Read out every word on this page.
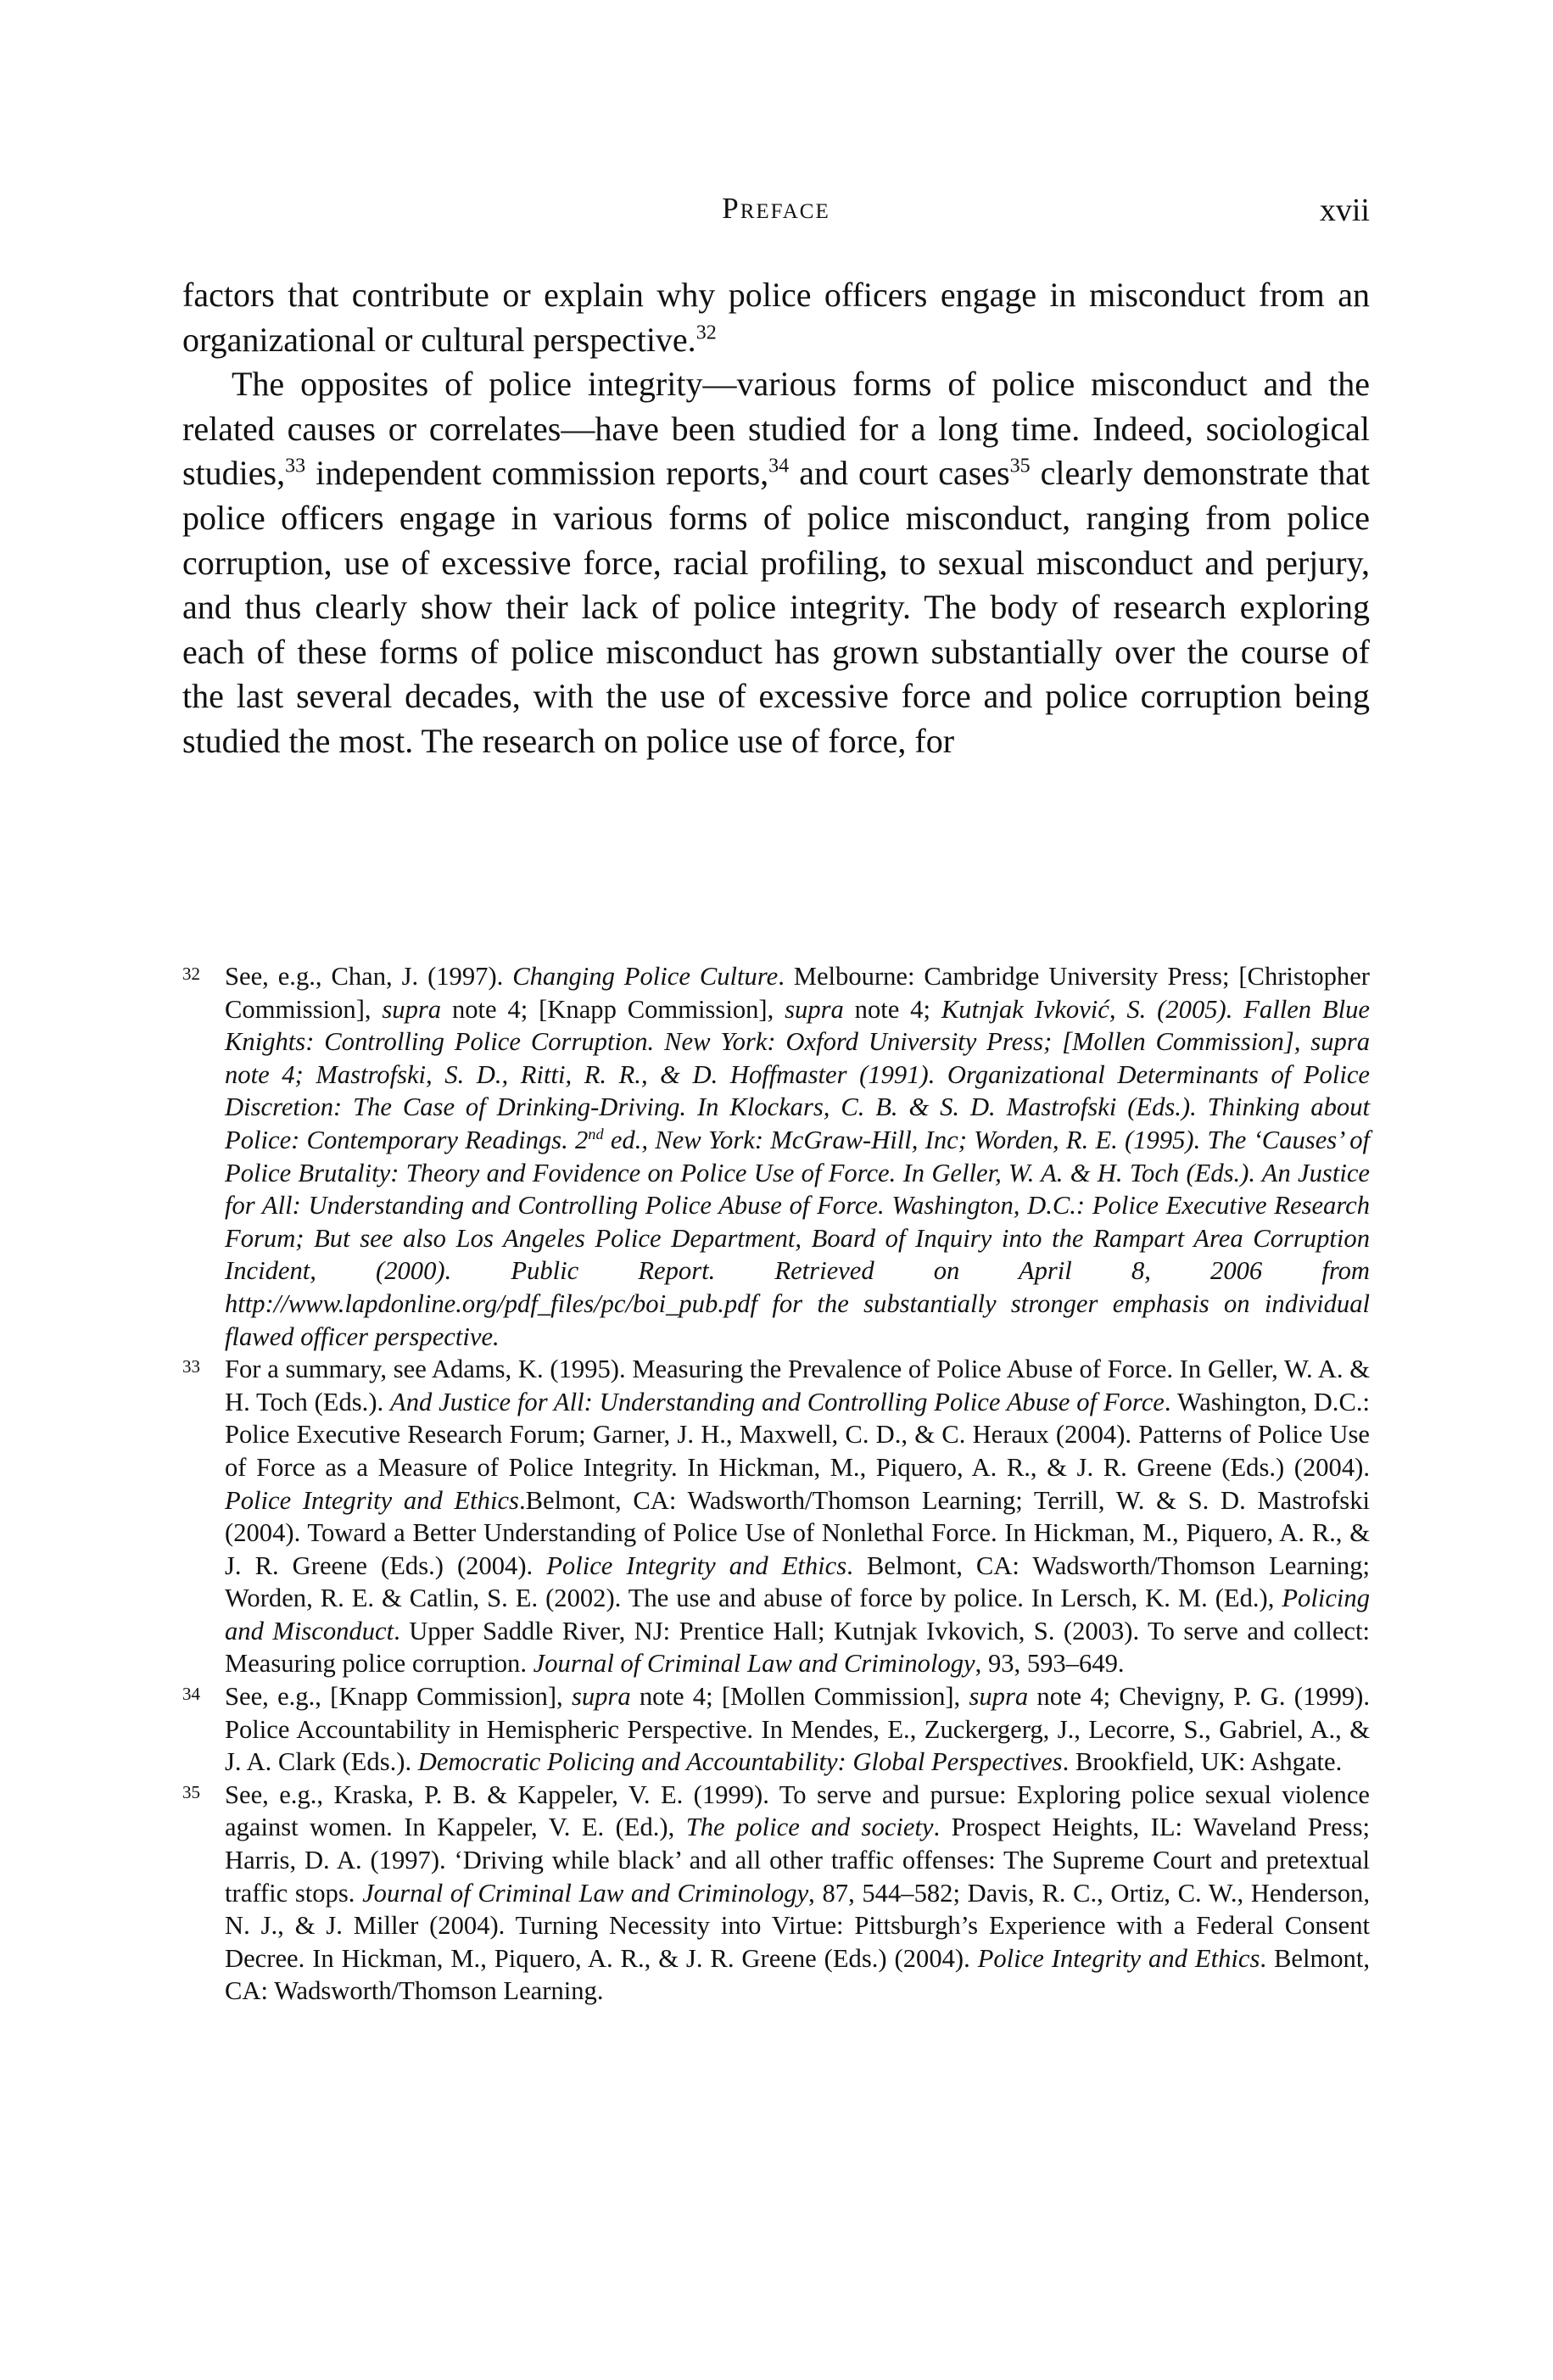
Preface	xvii

factors that contribute or explain why police officers engage in misconduct from an organizational or cultural perspective.$^{32}$

The opposites of police integrity—various forms of police misconduct and the related causes or correlates—have been studied for a long time. Indeed, sociological studies,$^{33}$ independent commission reports,$^{34}$ and court cases$^{35}$ clearly demonstrate that police officers engage in various forms of police misconduct, ranging from police corruption, use of excessive force, racial profiling, to sexual misconduct and perjury, and thus clearly show their lack of police integrity. The body of research exploring each of these forms of police misconduct has grown substantially over the course of the last several decades, with the use of excessive force and police corruption being studied the most. The research on police use of force, for

32 See, e.g., Chan, J. (1997). Changing Police Culture. Melbourne: Cambridge University Press; [Christopher Commission], supra note 4; [Knapp Commission], supra note 4; Kutnjak Ivković, S. (2005). Fallen Blue Knights: Controlling Police Corruption. New York: Oxford University Press; [Mollen Commission], supra note 4; Mastrofski, S. D., Ritti, R. R., & D. Hoffmaster (1991). Organizational Determinants of Police Discretion: The Case of Drinking-Driving. In Klockars, C. B. & S. D. Mastrofski (Eds.). Thinking about Police: Contemporary Readings. 2nd ed., New York: McGraw-Hill, Inc; Worden, R. E. (1995). The ‘Causes’ of Police Brutality: Theory and Fovidence on Police Use of Force. In Geller, W. A. & H. Toch (Eds.). An Justice for All: Understanding and Controlling Police Abuse of Force. Washington, D.C.: Police Executive Research Forum; But see also Los Angeles Police Department, Board of Inquiry into the Rampart Area Corruption Incident, (2000). Public Report. Retrieved on April 8, 2006 from http://www.lapdonline.org/pdf_files/pc/boi_pub.pdf for the substantially stronger emphasis on individual flawed officer perspective.

33 For a summary, see Adams, K. (1995). Measuring the Prevalence of Police Abuse of Force. In Geller, W. A. & H. Toch (Eds.). And Justice for All: Understanding and Controlling Police Abuse of Force. Washington, D.C.: Police Executive Research Forum; Garner, J. H., Maxwell, C. D., & C. Heraux (2004). Patterns of Police Use of Force as a Measure of Police Integrity. In Hickman, M., Piquero, A. R., & J. R. Greene (Eds.) (2004). Police Integrity and Ethics.Belmont, CA: Wadsworth/Thomson Learning; Terrill, W. & S. D. Mastrofski (2004). Toward a Better Understanding of Police Use of Nonlethal Force. In Hickman, M., Piquero, A. R., & J. R. Greene (Eds.) (2004). Police Integrity and Ethics. Belmont, CA: Wadsworth/Thomson Learning; Worden, R. E. & Catlin, S. E. (2002). The use and abuse of force by police. In Lersch, K. M. (Ed.), Policing and Misconduct. Upper Saddle River, NJ: Prentice Hall; Kutnjak Ivkovich, S. (2003). To serve and collect: Measuring police corruption. Journal of Criminal Law and Criminology, 93, 593–649.

34 See, e.g., [Knapp Commission], supra note 4; [Mollen Commission], supra note 4; Chevigny, P. G. (1999). Police Accountability in Hemispheric Perspective. In Mendes, E., Zuckergerg, J., Lecorre, S., Gabriel, A., & J. A. Clark (Eds.). Democratic Policing and Accountability: Global Perspectives. Brookfield, UK: Ashgate.

35 See, e.g., Kraska, P. B. & Kappeler, V. E. (1999). To serve and pursue: Exploring police sexual violence against women. In Kappeler, V. E. (Ed.), The police and society. Prospect Heights, IL: Waveland Press; Harris, D. A. (1997). ‘Driving while black’ and all other traffic offenses: The Supreme Court and pretextual traffic stops. Journal of Criminal Law and Criminology, 87, 544–582; Davis, R. C., Ortiz, C. W., Henderson, N. J., & J. Miller (2004). Turning Necessity into Virtue: Pittsburgh’s Experience with a Federal Consent Decree. In Hickman, M., Piquero, A. R., & J. R. Greene (Eds.) (2004). Police Integrity and Ethics. Belmont, CA: Wadsworth/Thomson Learning.
